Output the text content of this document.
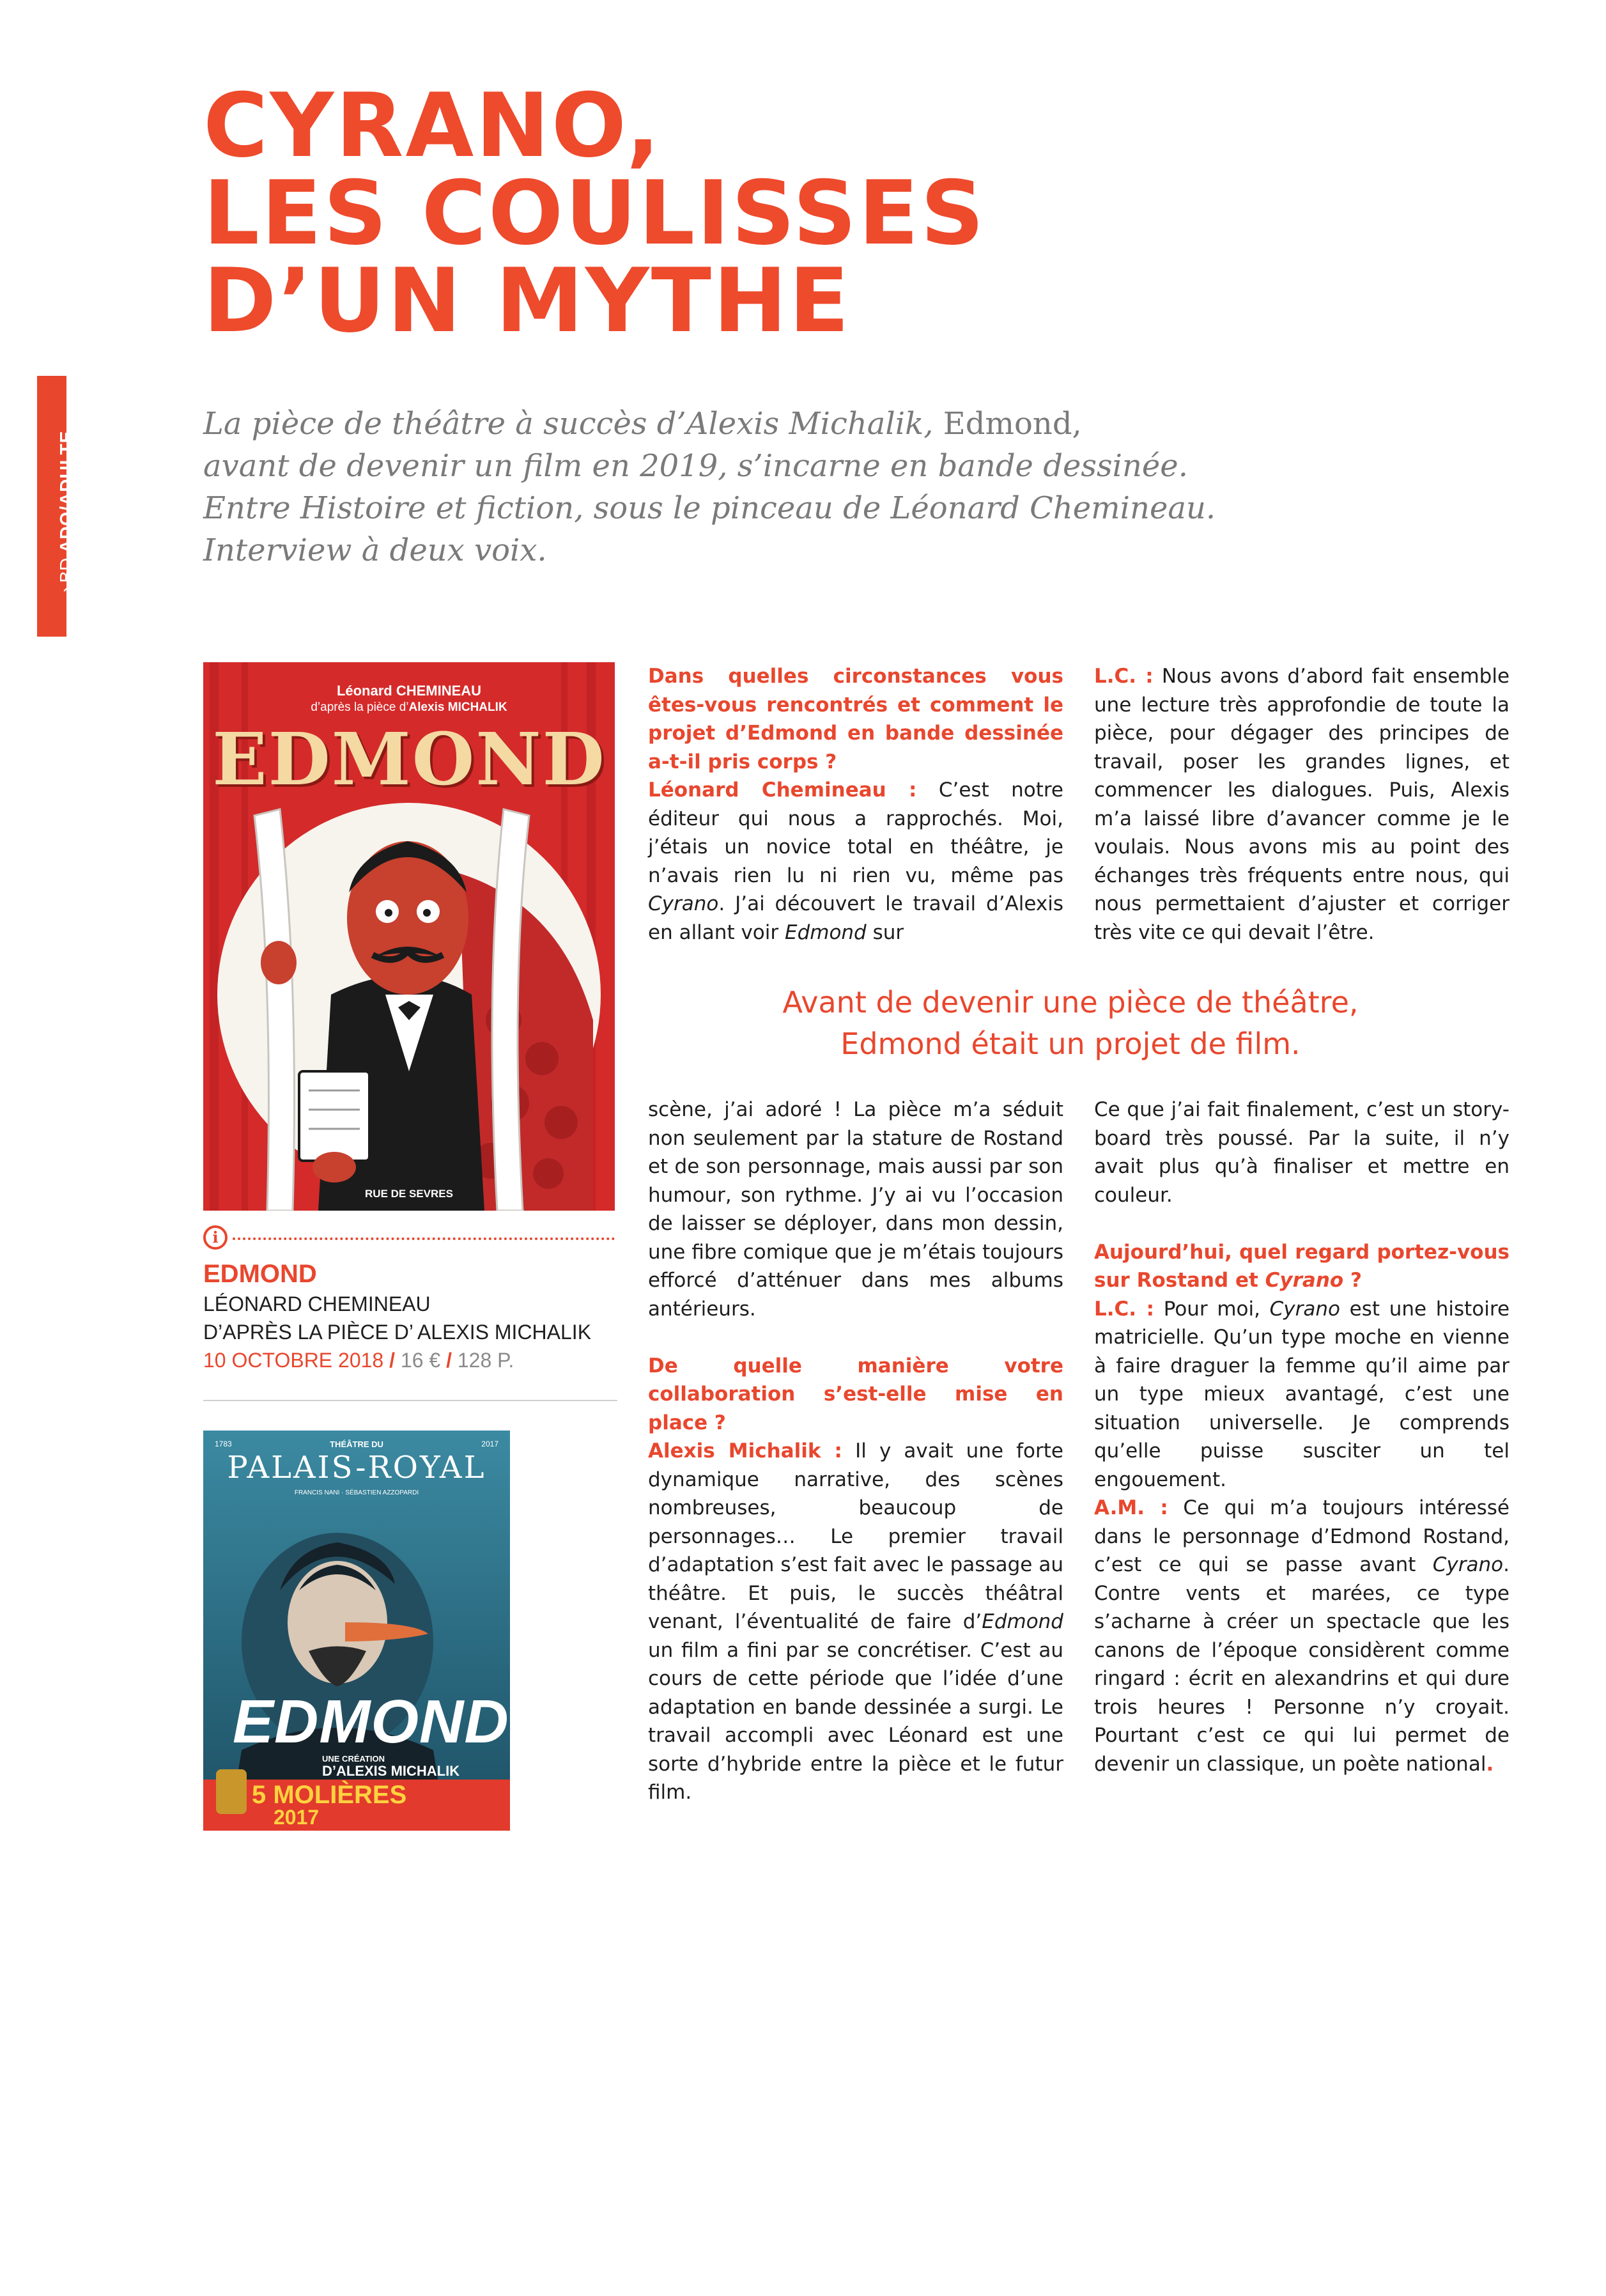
CYRANO,
LES COULISSES
D’UN MYTHE
⟶BD ADO/ADULTE
La pièce de théâtre à succès d’Alexis Michalik, Edmond,
avant de devenir un film en 2019, s’incarne en bande dessinée.
Entre Histoire et fiction, sous le pinceau de Léonard Chemineau.
Interview à deux voix.
Léonard CHEMINEAU
d’après la pièce d’Alexis MICHALIK
EDMOND
RUE DE SEVRES
i
EDMOND
LÉONARD CHEMINEAU
D’APRÈS LA PIÈCE D’ ALEXIS MICHALIK
10 OCTOBRE 2018 / 16 € / 128 P.
1783	2017
THÉÂTRE DU
PALAIS-ROYAL
FRANCIS NANI · SÉBASTIEN AZZOPARDI
EDMOND
UNE CRÉATION
D’ALEXIS MICHALIK
5 MOLIÈRES
2017

Dans quelles circonstances vous êtes-vous rencontrés et comment le projet d’Edmond en bande dessinée a-t-il pris corps ?

Léonard Chemineau : C’est notre éditeur qui nous a rapprochés. Moi, j’étais un novice total en théâtre, je n’avais rien lu ni rien vu, même pas Cyrano. J’ai découvert le travail d’Alexis en allant voir Edmond sur

L.C. : Nous avons d’abord fait ensemble une lecture très approfondie de toute la pièce, pour dégager des principes de travail, poser les grandes lignes, et commencer les dialogues. Puis, Alexis m’a laissé libre d’avancer comme je le voulais. Nous avons mis au point des échanges très fréquents entre nous, qui nous permettaient d’ajuster et corriger très vite ce qui devait l’être.

Avant de devenir une pièce de théâtre,
Edmond était un projet de film.

scène, j’ai adoré ! La pièce m’a séduit non seulement par la stature de Rostand et de son personnage, mais aussi par son humour, son rythme. J’y ai vu l’occasion de laisser se déployer, dans mon dessin, une fibre comique que je m’étais toujours efforcé d’atténuer dans mes albums antérieurs.

De quelle manière votre collaboration s’est-elle mise en place ?

Alexis Michalik : Il y avait une forte dynamique narrative, des scènes nombreuses, beaucoup de personnages… Le premier travail d’adaptation s’est fait avec le passage au théâtre. Et puis, le succès théâtral venant, l’éventualité de faire d’Edmond un film a fini par se concrétiser. C’est au cours de cette période que l’idée d’une adaptation en bande dessinée a surgi. Le travail accompli avec Léonard est une sorte d’hybride entre la pièce et le futur film.

Ce que j’ai fait finalement, c’est un story-board très poussé. Par la suite, il n’y avait plus qu’à finaliser et mettre en couleur.

Aujourd’hui, quel regard portez-vous sur Rostand et Cyrano ?

L.C. : Pour moi, Cyrano est une histoire matricielle. Qu’un type moche en vienne à faire draguer la femme qu’il aime par un type mieux avantagé, c’est une situation universelle. Je comprends qu’elle puisse susciter un tel engouement.

A.M. : Ce qui m’a toujours intéressé dans le personnage d’Edmond Rostand, c’est ce qui se passe avant Cyrano. Contre vents et marées, ce type s’acharne à créer un spectacle que les canons de l’époque considèrent comme ringard : écrit en alexandrins et qui dure trois heures ! Personne n’y croyait. Pourtant c’est ce qui lui permet de devenir un classique, un poète national.
